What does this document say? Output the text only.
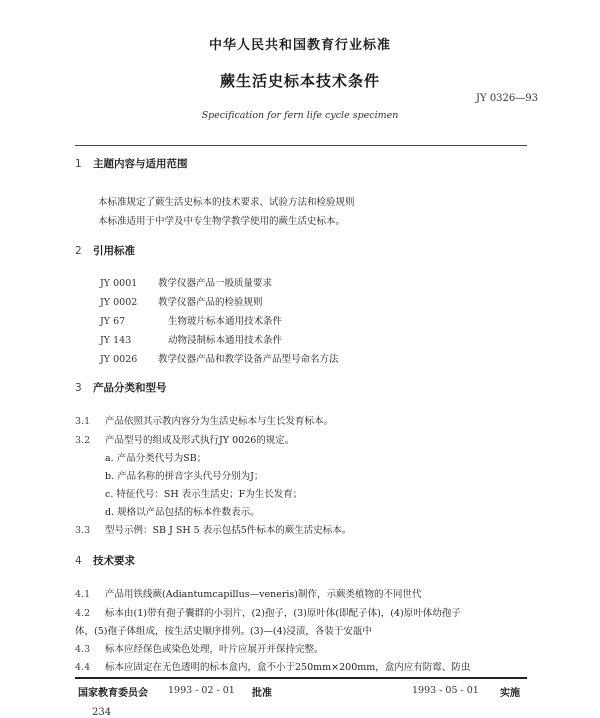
中华人民共和国教育行业标准
蕨生活史标本技术条件
JY 0326—93
Specification for fern life cycle specimen
1 主题内容与适用范围
本标准规定了蕨生活史标本的技术要求、试验方法和检验规则
本标准适用于中学及中专生物学教学使用的蕨生活史标本。
2 引用标准
JY 0001 教学仪器产品一般质量要求
JY 0002 教学仪器产品的检验规则
JY 67	生物玻片标本通用技术条件
JY 143	动物浸制标本通用技术条件
JY 0026 教学仪器产品和教学设备产品型号命名方法
3 产品分类和型号
3.1 产品依照其示教内容分为生活史标本与生长发育标本。
3.2 产品型号的组成及形式执行JY 0026的规定。
a. 产品分类代号为SB；
b. 产品名称的拼音字头代号分别为J；
c. 特征代号：SH 表示生活史；F为生长发育；
d. 规格以产品包括的标本件数表示。
3.3 型号示例：SB J SH 5 表示包括5件标本的蕨生活史标本。
4 技术要求
4.1 产品用铁线蕨(Adiantumcapillus—veneris)制作，示蕨类植物的不同世代
4.2 标本由(1)带有孢子囊群的小羽片，(2)孢子，(3)原叶体(即配子体)，(4)原叶体幼孢子
体，(5)孢子体组成，按生活史顺序排列。(3)—(4)浸渍，各装于安瓿中
4.3 标本应经保色或染色处理，叶片应展开并保持完整。
4.4 标本应固定在无色透明的标本盒内，盒不小于250mm×200mm，盒内应有防霉、防虫
国家教育委员会 1993 - 02 - 01 批准	1993 - 05 - 01 实施
234
